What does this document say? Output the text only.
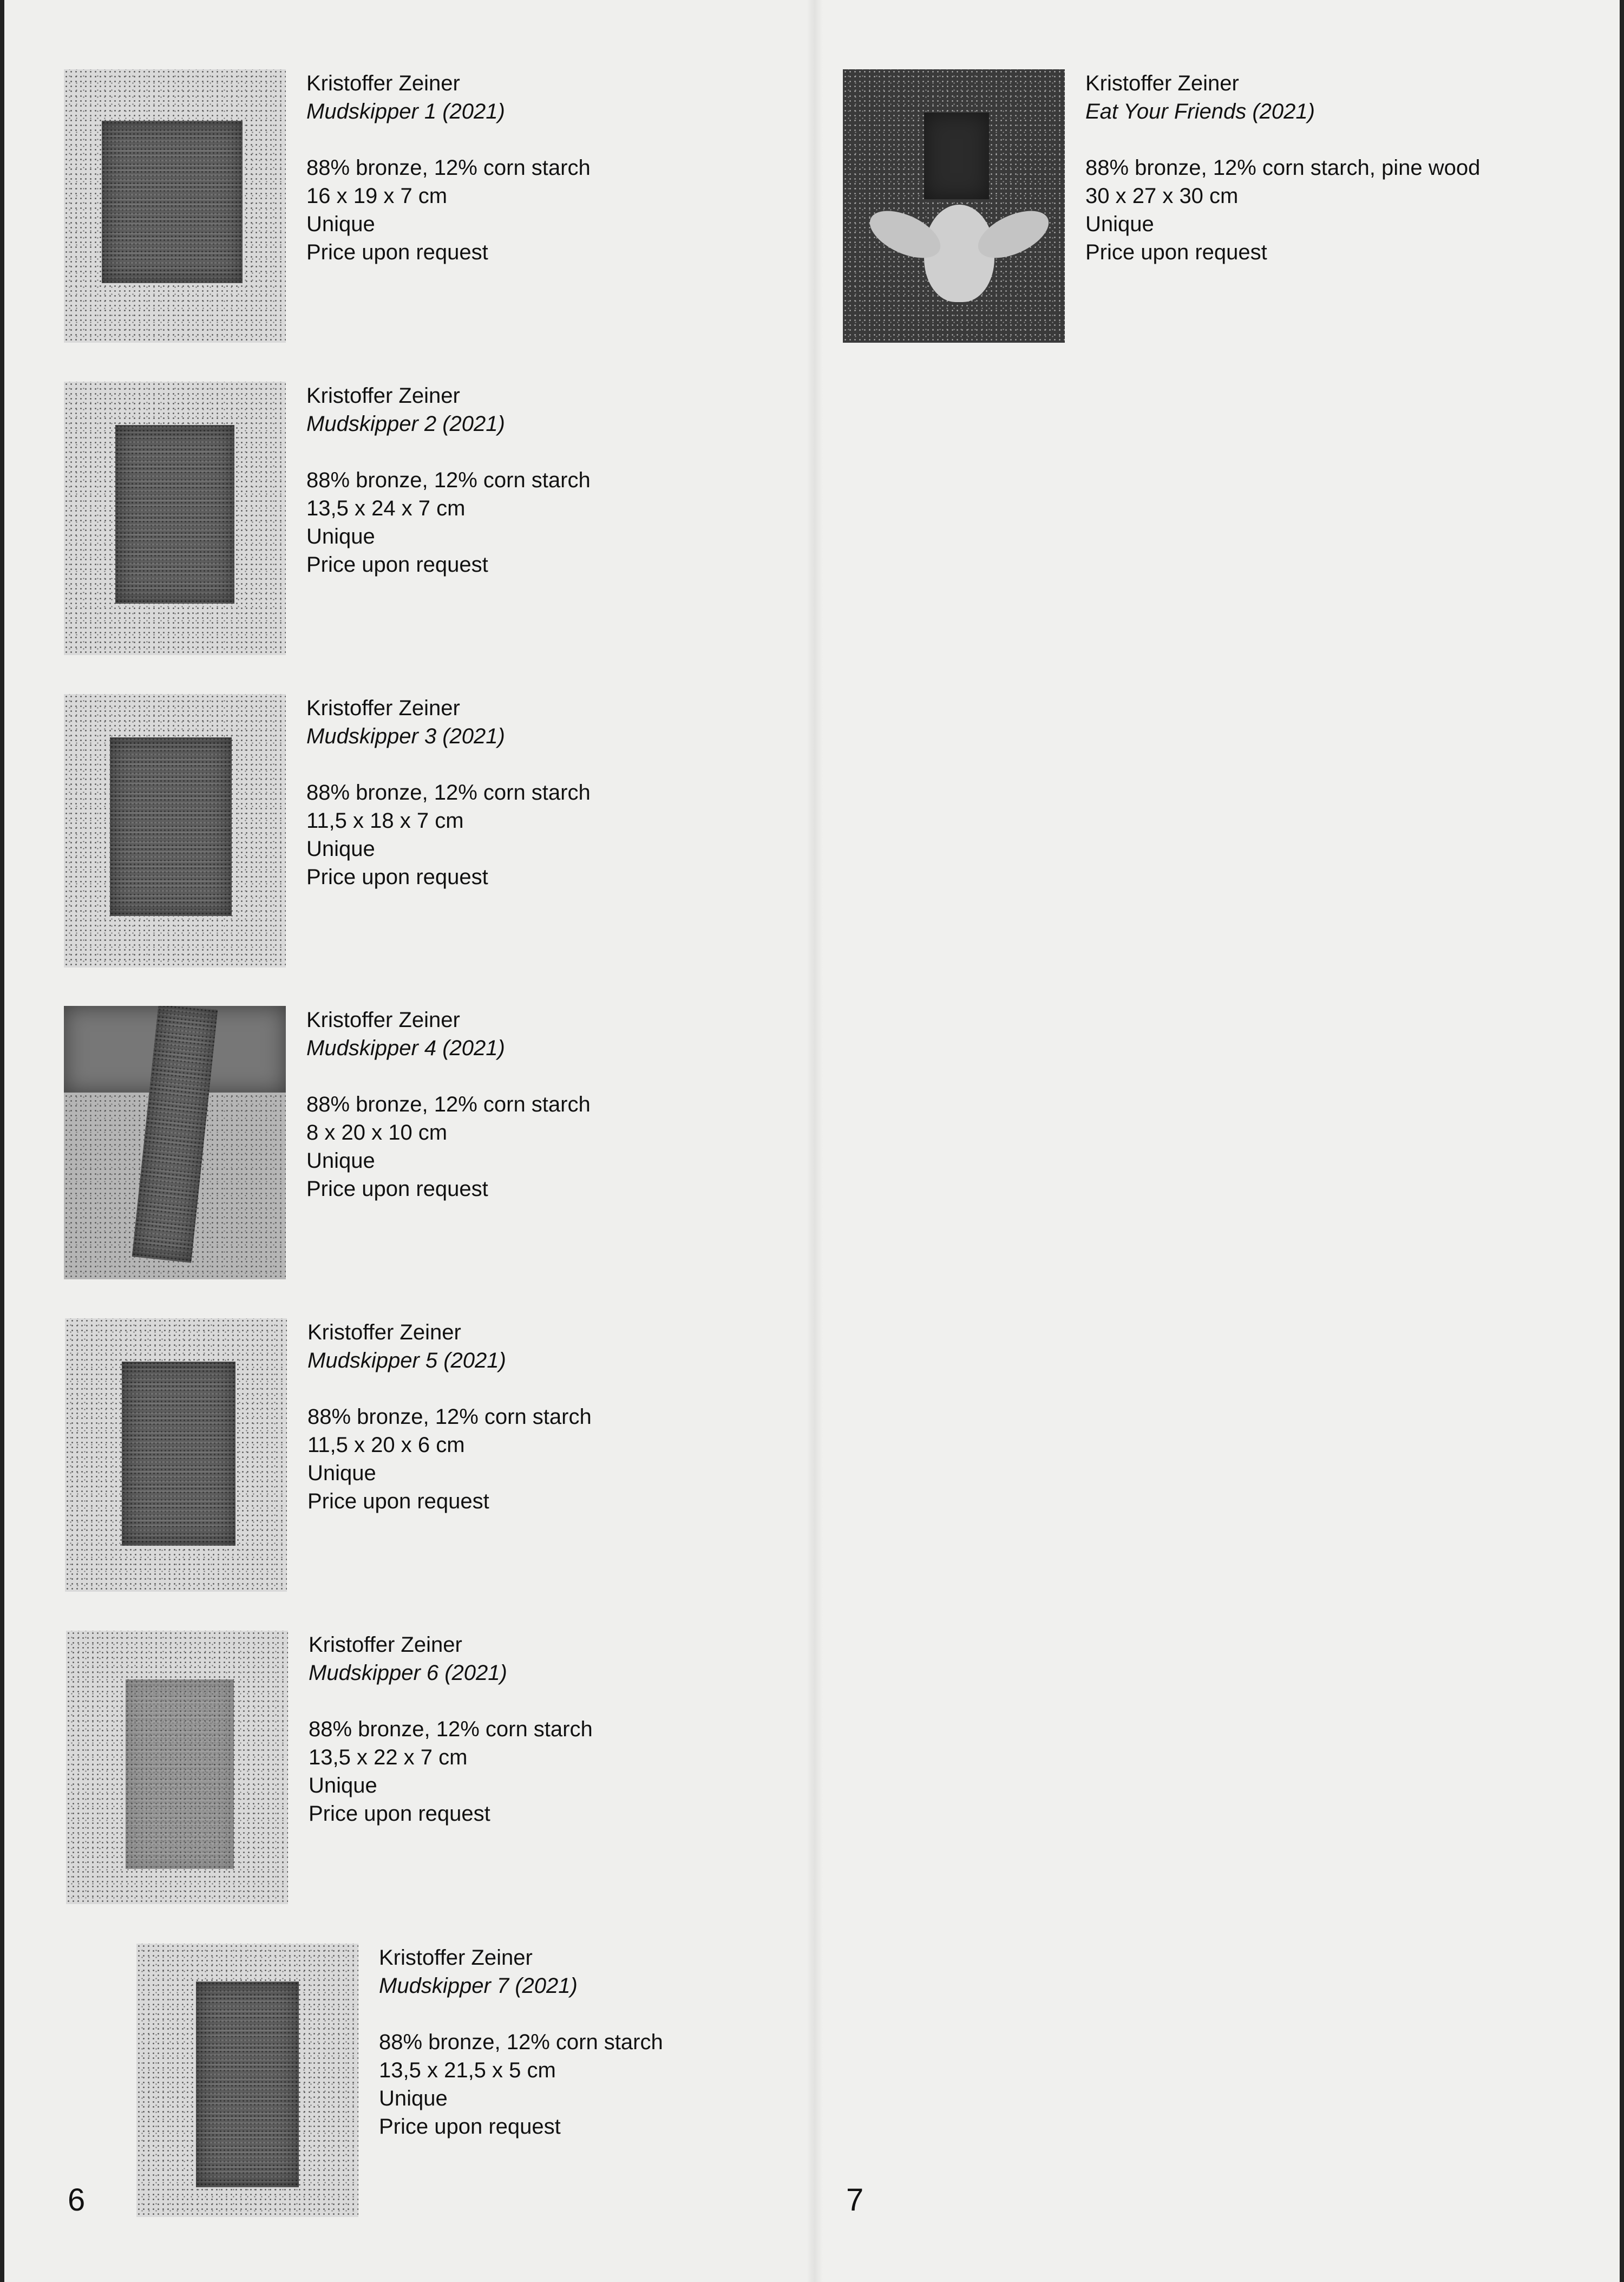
Kristoffer Zeiner
Mudskipper 1 (2021)
88% bronze, 12% corn starch
16 x 19 x 7 cm
Unique
Price upon request
Kristoffer Zeiner
Mudskipper 2 (2021)
88% bronze, 12% corn starch
13,5 x 24 x 7 cm
Unique
Price upon request
Kristoffer Zeiner
Mudskipper 3 (2021)
88% bronze, 12% corn starch
11,5 x 18 x 7 cm
Unique
Price upon request
Kristoffer Zeiner
Mudskipper 4 (2021)
88% bronze, 12% corn starch
8 x 20 x 10 cm
Unique
Price upon request
Kristoffer Zeiner
Mudskipper 5 (2021)
88% bronze, 12% corn starch
11,5 x 20 x 6 cm
Unique
Price upon request
Kristoffer Zeiner
Mudskipper 6 (2021)
88% bronze, 12% corn starch
13,5 x 22 x 7 cm
Unique
Price upon request
Kristoffer Zeiner
Mudskipper 7 (2021)
88% bronze, 12% corn starch
13,5 x 21,5 x 5 cm
Unique
Price upon request
6
Kristoffer Zeiner
Eat Your Friends (2021)
88% bronze, 12% corn starch, pine wood
30 x 27 x 30 cm
Unique
Price upon request
7
